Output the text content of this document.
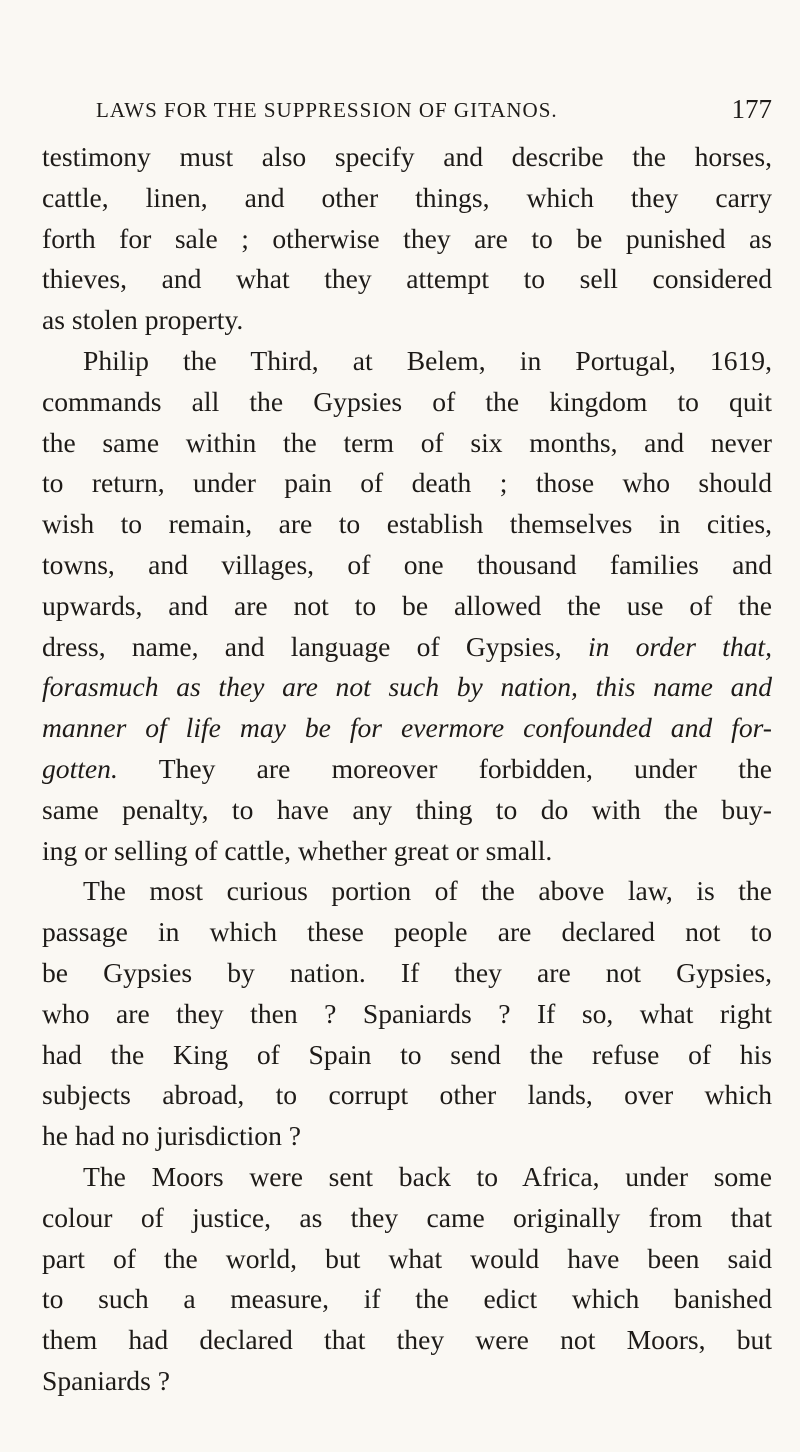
LAWS FOR THE SUPPRESSION OF GITANOS.	177
testimony must also specify and describe the horses,
cattle, linen, and other things, which they carry
forth for sale ; otherwise they are to be punished as
thieves, and what they attempt to sell considered
as stolen property.
Philip the Third, at Belem, in Portugal, 1619,
commands all the Gypsies of the kingdom to quit
the same within the term of six months, and never
to return, under pain of death ; those who should
wish to remain, are to establish themselves in cities,
towns, and villages, of one thousand families and
upwards, and are not to be allowed the use of the
dress, name, and language of Gypsies, in order that,
forasmuch as they are not such by nation, this name and
manner of life may be for evermore confounded and for-
gotten. They are moreover forbidden, under the
same penalty, to have any thing to do with the buy-
ing or selling of cattle, whether great or small.
The most curious portion of the above law, is the
passage in which these people are declared not to
be Gypsies by nation. If they are not Gypsies,
who are they then ? Spaniards ? If so, what right
had the King of Spain to send the refuse of his
subjects abroad, to corrupt other lands, over which
he had no jurisdiction ?
The Moors were sent back to Africa, under some
colour of justice, as they came originally from that
part of the world, but what would have been said
to such a measure, if the edict which banished
them had declared that they were not Moors, but
Spaniards ?
